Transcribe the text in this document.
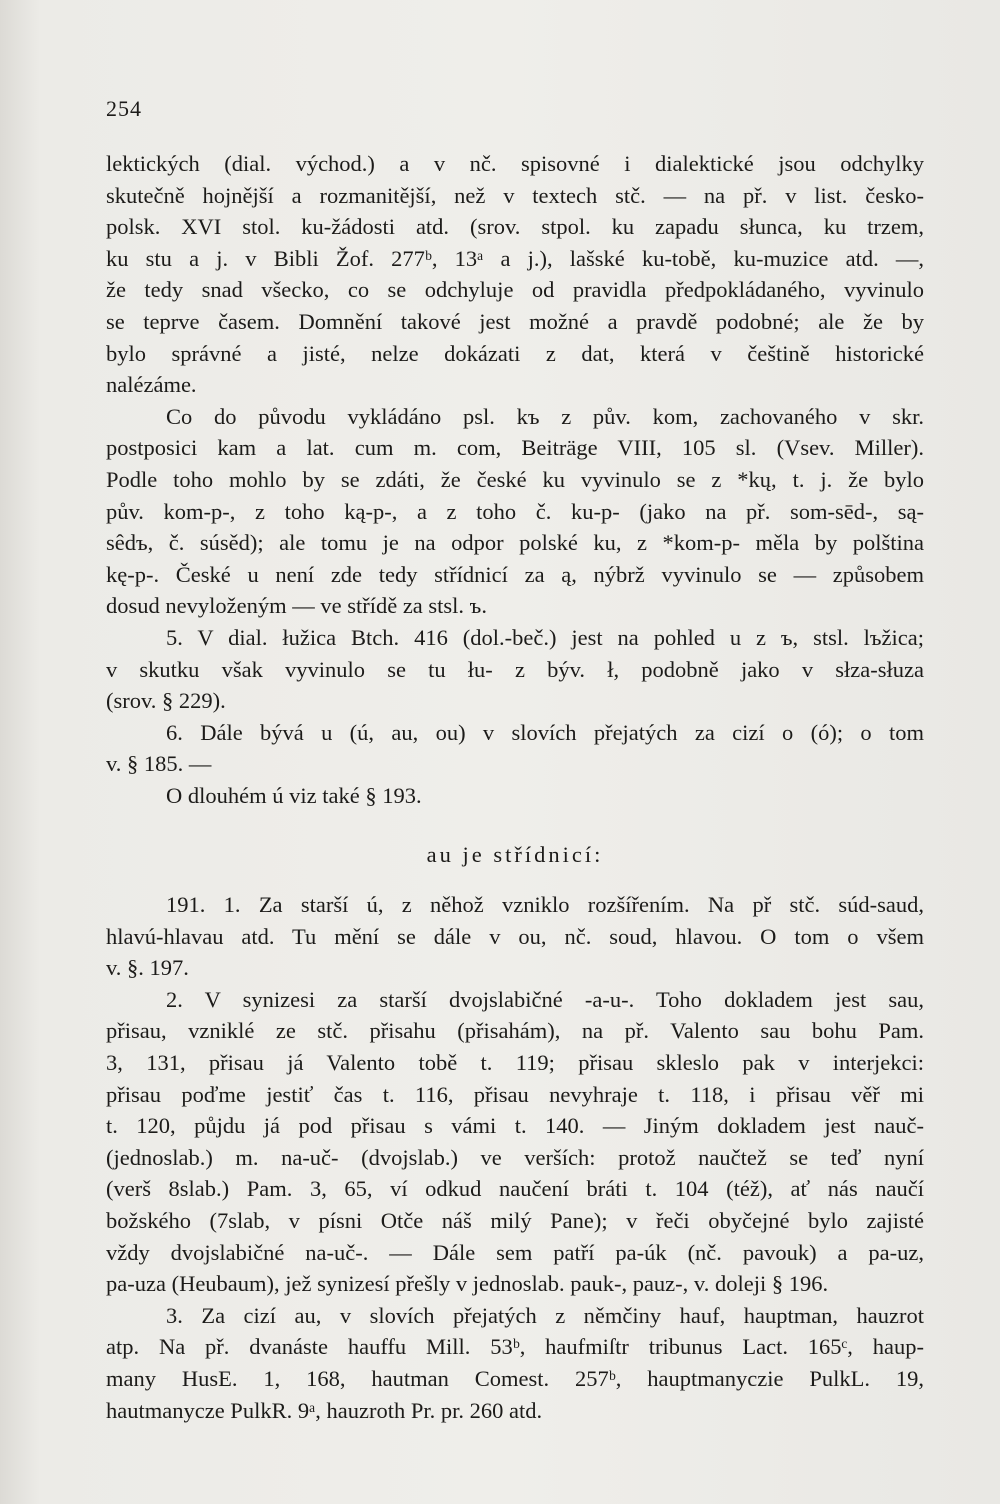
254
lektických (dial. východ.) a v nč. spisovné i dialektické jsou odchylky
skutečně hojnější a rozmanitější, než v textech stč. — na př. v list. česko-
polsk. XVI stol. ku-žádosti atd. (srov. stpol. ku zapadu słunca, ku trzem,
ku stu a j. v Bibli Žof. 277ᵇ, 13ᵃ a j.), lašské ku-tobě, ku-muzice atd. —,
že tedy snad všecko, co se odchyluje od pravidla předpokládaného, vyvinulo
se teprve časem. Domnění takové jest možné a pravdě podobné; ale že by
bylo správné a jisté, nelze dokázati z dat, která v češtině historické
nalézáme.
Co do původu vykládáno psl. kъ z pův. kom, zachovaného v skr.
postposici kam a lat. cum m. com, Beiträge VIII, 105 sl. (Vsev. Miller).
Podle toho mohlo by se zdáti, že české ku vyvinulo se z *kų, t. j. že bylo
pův. kom-p-, z toho ką-p-, a z toho č. ku-p- (jako na př. som-sēd-, są-
sêdъ, č. súsěd); ale tomu je na odpor polské ku, z *kom-p- měla by polština
kę-p-. České u není zde tedy střídnicí za ą, nýbrž vyvinulo se — způsobem
dosud nevyloženým — ve střídě za stsl. ъ.
5. V dial. łužica Btch. 416 (dol.-beč.) jest na pohled u z ъ, stsl. lъžica;
v skutku však vyvinulo se tu łu- z býv. ł, podobně jako v słza-słuza
(srov. § 229).
6. Dále bývá u (ú, au, ou) v slovích přejatých za cizí o (ó); o tom
v. § 185. —
O dlouhém ú viz také § 193.
au je střídnicí:
191. 1. Za starší ú, z něhož vzniklo rozšířením. Na př stč. súd-saud,
hlavú-hlavau atd. Tu mění se dále v ou, nč. soud, hlavou. O tom o všem
v. §. 197.
2. V synizesi za starší dvojslabičné -a-u-. Toho dokladem jest sau,
přisau, vzniklé ze stč. přisahu (přisahám), na př. Valento sau bohu Pam.
3, 131, přisau já Valento tobě t. 119; přisau skleslo pak v interjekci:
přisau poďme jestiť čas t. 116, přisau nevyhraje t. 118, i přisau věř mi
t. 120, půjdu já pod přisau s vámi t. 140. — Jiným dokladem jest nauč-
(jednoslab.) m. na-uč- (dvojslab.) ve verších: protož naučtež se teď nyní
(verš 8slab.) Pam. 3, 65, ví odkud naučení bráti t. 104 (též), ať nás naučí
božského (7slab, v písni Otče náš milý Pane); v řeči obyčejné bylo zajisté
vždy dvojslabičné na-uč-. — Dále sem patří pa-úk (nč. pavouk) a pa-uz,
pa-uza (Heubaum), jež synizesí přešly v jednoslab. pauk-, pauz-, v. doleji § 196.
3. Za cizí au, v slovích přejatých z němčiny hauf, hauptman, hauzrot
atp. Na př. dvanáste hauffu Mill. 53ᵇ, haufmiſtr tribunus Lact. 165ᶜ, haup-
many HusE. 1, 168, hautman Comest. 257ᵇ, hauptmanyczie PulkL. 19,
hautmanycze PulkR. 9ᵃ, hauzroth Pr. pr. 260 atd.
